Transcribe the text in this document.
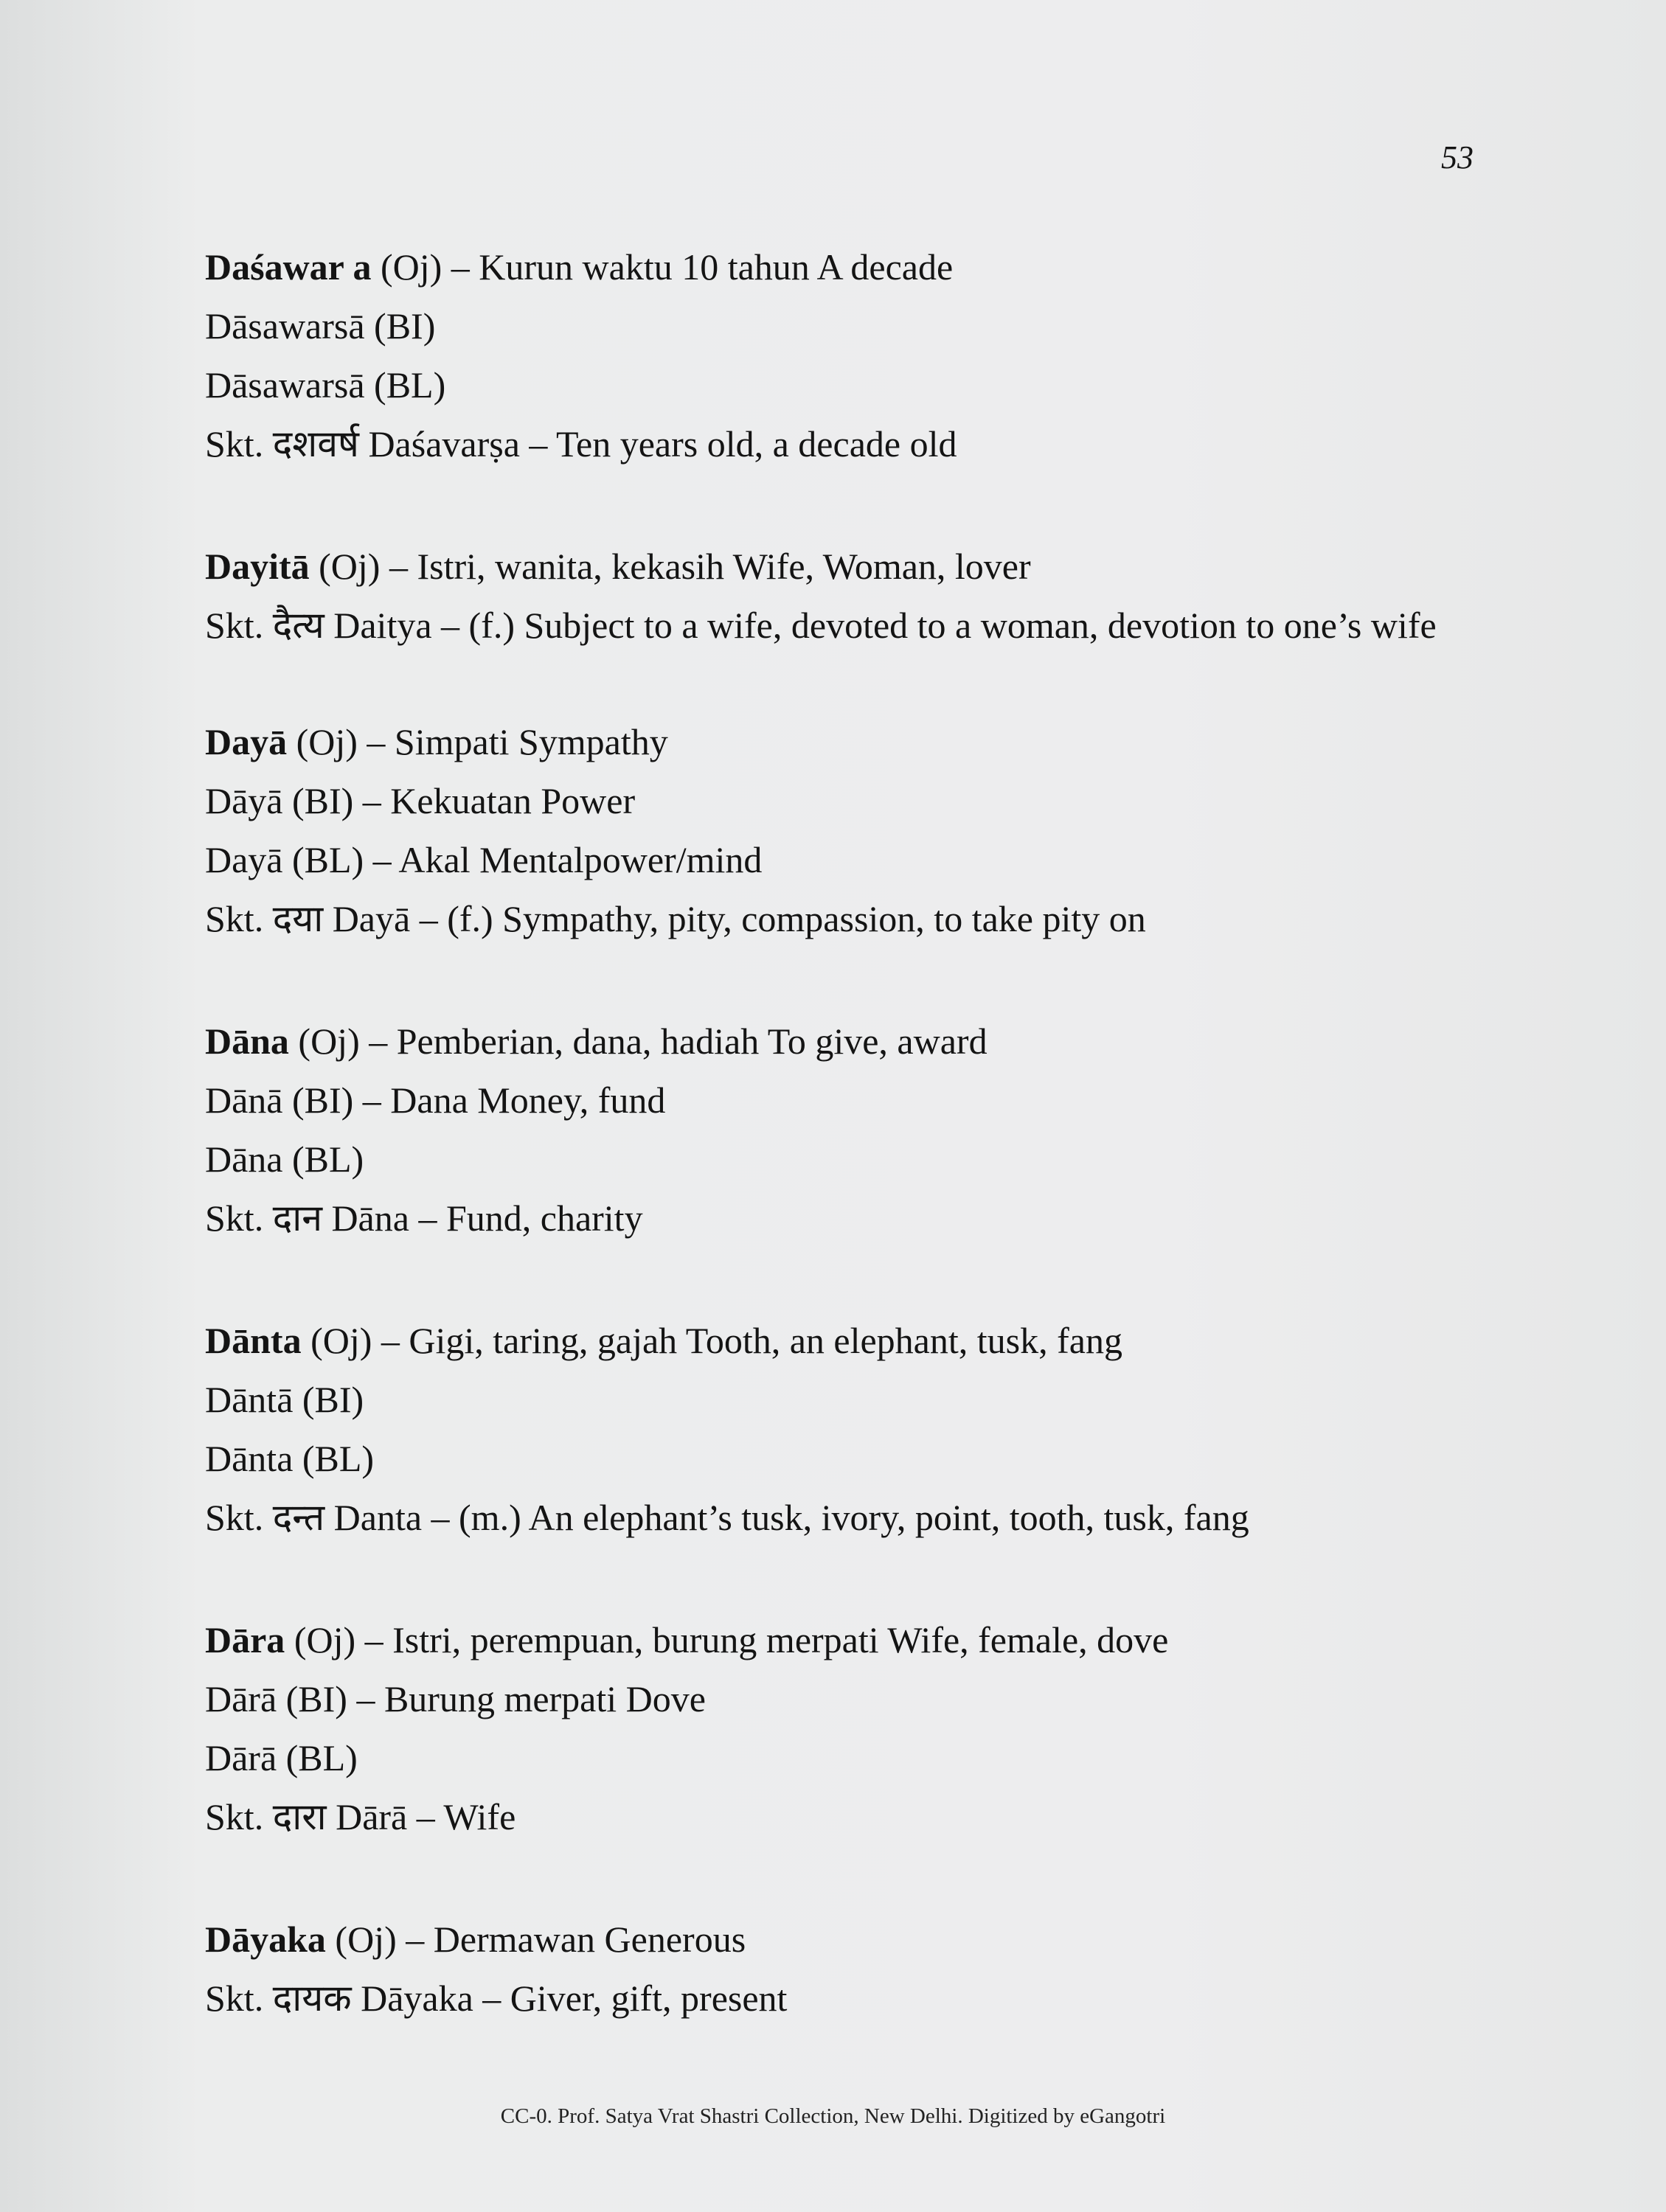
53
Daśawar a (Oj) – Kurun waktu 10 tahun A decade
Dāsawarsā (BI)
Dāsawarsā (BL)
Skt. दशवर्ष Daśavarṣa – Ten years old, a decade old
Dayitā (Oj) – Istri, wanita, kekasih Wife, Woman, lover
Skt. दैत्य Daitya – (f.) Subject to a wife, devoted to a woman, devotion to one’s wife
Dayā (Oj) – Simpati Sympathy
Dāyā (BI) – Kekuatan Power
Dayā (BL) – Akal Mentalpower/mind
Skt. दया Dayā – (f.) Sympathy, pity, compassion, to take pity on
Dāna (Oj) – Pemberian, dana, hadiah To give, award
Dānā (BI) – Dana Money, fund
Dāna (BL)
Skt. दान Dāna – Fund, charity
Dānta (Oj) – Gigi, taring, gajah Tooth, an elephant, tusk, fang
Dāntā (BI)
Dānta (BL)
Skt. दन्त Danta – (m.) An elephant’s tusk, ivory, point, tooth, tusk, fang
Dāra (Oj) – Istri, perempuan, burung merpati Wife, female, dove
Dārā (BI) – Burung merpati Dove
Dārā (BL)
Skt. दारा Dārā – Wife
Dāyaka (Oj) – Dermawan Generous
Skt. दायक Dāyaka – Giver, gift, present
CC-0. Prof. Satya Vrat Shastri Collection, New Delhi. Digitized by eGangotri
